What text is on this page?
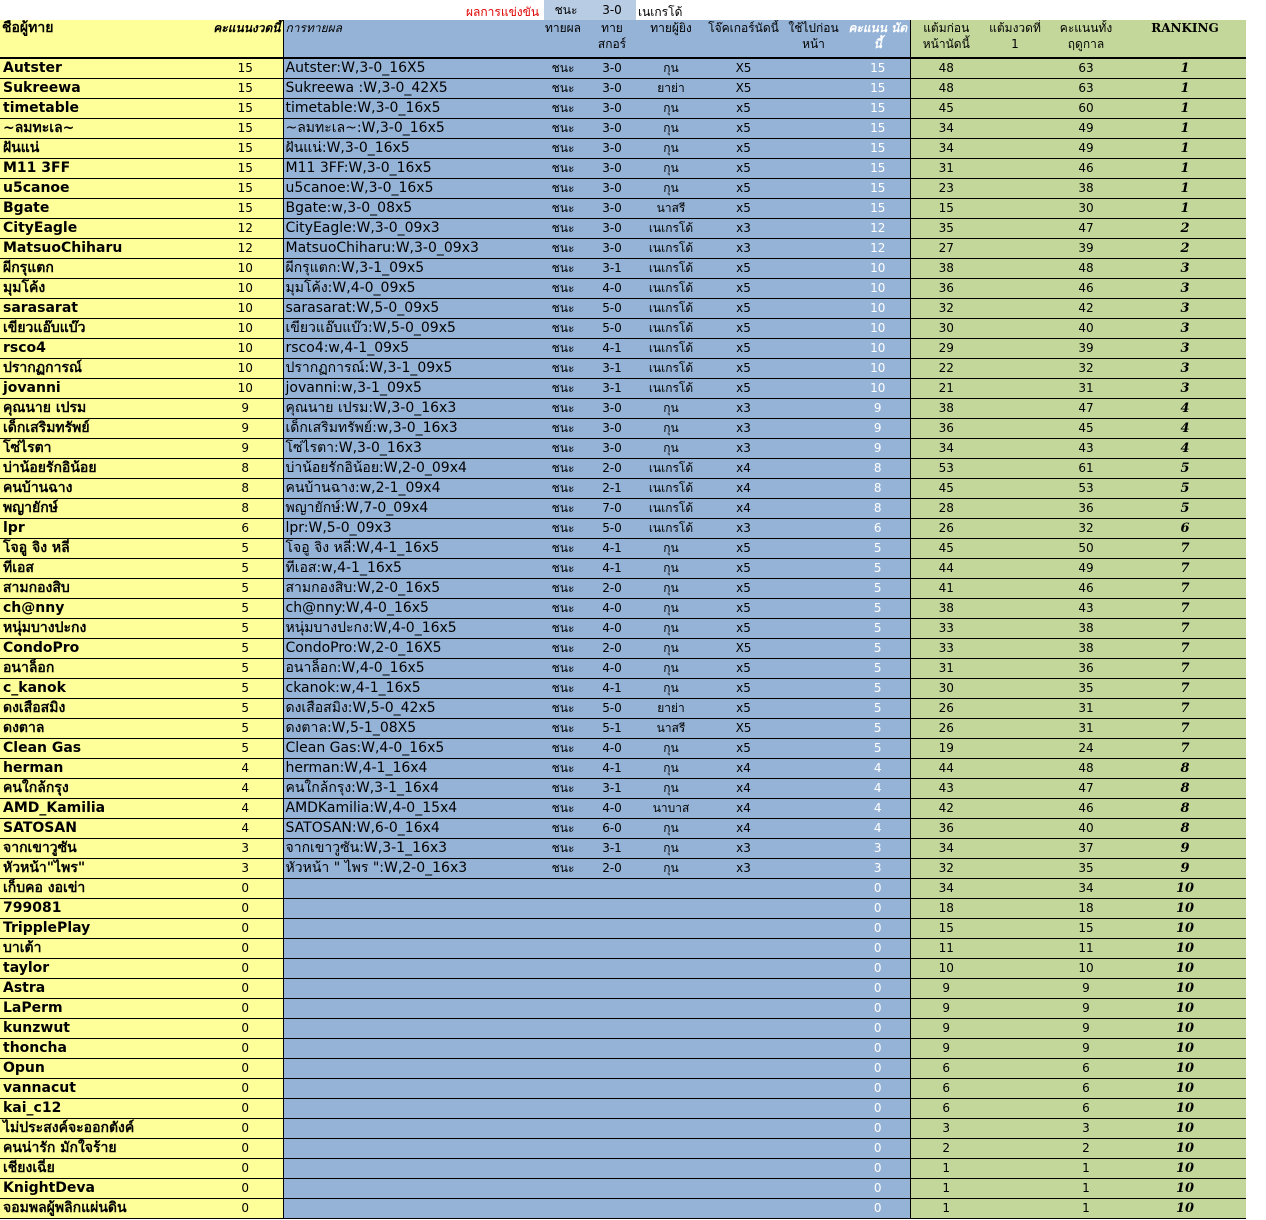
ผลการแข่งขัน	ชนะ	3-0	เนเกรโด้
ชื่อผู้ทาย	คะแนนงวดนี้	การทายผล	ทายผล	ทาย สกอร์	ทายผู้ยิง	โจ๊คเกอร์นัดนี้	ใช้ไปก่อนหน้า	คะแนน นัดนี้	แต้มก่อน หน้านัดนี้	แต้มงวดที่ 1	คะแนนทั้ง ฤดูกาล	RANKING
Autster	15	Autster:W,3-0_16X5	ชนะ	3-0	กุน	X5		15	48		63	1
Sukreewa	15	Sukreewa :W,3-0_42X5	ชนะ	3-0	ยาย่า	X5		15	48		63	1
timetable	15	timetable:W,3-0_16x5	ชนะ	3-0	กุน	x5		15	45		60	1
~ลมทะเล~	15	~ลมทะเล~:W,3-0_16x5	ชนะ	3-0	กุน	x5		15	34		49	1
ฝันแน่	15	ฝันแน่:W,3-0_16x5	ชนะ	3-0	กุน	x5		15	34		49	1
M11 3FF	15	M11 3FF:W,3-0_16x5	ชนะ	3-0	กุน	x5		15	31		46	1
u5canoe	15	u5canoe:W,3-0_16x5	ชนะ	3-0	กุน	x5		15	23		38	1
Bgate	15	Bgate:w,3-0_08x5	ชนะ	3-0	นาสรี	x5		15	15		30	1
CityEagle	12	CityEagle:W,3-0_09x3	ชนะ	3-0	เนเกรโด้	x3		12	35		47	2
MatsuoChiharu	12	MatsuoChiharu:W,3-0_09x3	ชนะ	3-0	เนเกรโด้	x3		12	27		39	2
ผีกรุแตก	10	ผีกรุแตก:W,3-1_09x5	ชนะ	3-1	เนเกรโด้	x5		10	38		48	3
มุมโค้ง	10	มุมโค้ง:W,4-0_09x5	ชนะ	4-0	เนเกรโด้	x5		10	36		46	3
sarasarat	10	sarasarat:W,5-0_09x5	ชนะ	5-0	เนเกรโด้	x5		10	32		42	3
เขียวแอ๊บแบ๊ว	10	เขียวแอ๊บแบ๊ว:W,5-0_09x5	ชนะ	5-0	เนเกรโด้	x5		10	30		40	3
rsco4	10	rsco4:w,4-1_09x5	ชนะ	4-1	เนเกรโด้	x5		10	29		39	3
ปรากฏการณ์	10	ปรากฏการณ์:W,3-1_09x5	ชนะ	3-1	เนเกรโด้	x5		10	22		32	3
jovanni	10	jovanni:w,3-1_09x5	ชนะ	3-1	เนเกรโด้	x5		10	21		31	3
คุณนาย เปรม	9	คุณนาย เปรม:W,3-0_16x3	ชนะ	3-0	กุน	x3		9	38		47	4
เด็กเสริมทรัพย์	9	เด็กเสริมทรัพย์:w,3-0_16x3	ชนะ	3-0	กุน	x3		9	36		45	4
โซ่ไรตา	9	โซ่ไรตา:W,3-0_16x3	ชนะ	3-0	กุน	x3		9	34		43	4
บ่าน้อยรักอิน้อย	8	บ่าน้อยรักอิน้อย:W,2-0_09x4	ชนะ	2-0	เนเกรโด้	x4		8	53		61	5
คนบ้านฉาง	8	คนบ้านฉาง:w,2-1_09x4	ชนะ	2-1	เนเกรโด้	x4		8	45		53	5
พญายักษ์	8	พญายักษ์:W,7-0_09x4	ชนะ	7-0	เนเกรโด้	x4		8	28		36	5
lpr	6	lpr:W,5-0_09x3	ชนะ	5-0	เนเกรโด้	x3		6	26		32	6
โจอู จิง หลี่	5	โจอู จิง หลี่:W,4-1_16x5	ชนะ	4-1	กุน	x5		5	45		50	7
ทีเอส	5	ทีเอส:w,4-1_16x5	ชนะ	4-1	กุน	x5		5	44		49	7
สามกองสิบ	5	สามกองสิบ:W,2-0_16x5	ชนะ	2-0	กุน	x5		5	41		46	7
ch@nny	5	ch@nny:W,4-0_16x5	ชนะ	4-0	กุน	x5		5	38		43	7
หนุ่มบางปะกง	5	หนุ่มบางปะกง:W,4-0_16x5	ชนะ	4-0	กุน	x5		5	33		38	7
CondoPro	5	CondoPro:W,2-0_16X5	ชนะ	2-0	กุน	X5		5	33		38	7
อนาล็อก	5	อนาล็อก:W,4-0_16x5	ชนะ	4-0	กุน	x5		5	31		36	7
c_kanok	5	ckanok:w,4-1_16x5	ชนะ	4-1	กุน	x5		5	30		35	7
ดงเสือสมิง	5	ดงเสือสมิง:W,5-0_42x5	ชนะ	5-0	ยาย่า	x5		5	26		31	7
ดงตาล	5	ดงตาล:W,5-1_08X5	ชนะ	5-1	นาสรี	X5		5	26		31	7
Clean Gas	5	Clean Gas:W,4-0_16x5	ชนะ	4-0	กุน	x5		5	19		24	7
herman	4	herman:W,4-1_16x4	ชนะ	4-1	กุน	x4		4	44		48	8
คนใกล้กรุง	4	คนใกล้กรุง:W,3-1_16x4	ชนะ	3-1	กุน	x4		4	43		47	8
AMD_Kamilia	4	AMDKamilia:W,4-0_15x4	ชนะ	4-0	นาบาส	x4		4	42		46	8
SATOSAN	4	SATOSAN:W,6-0_16x4	ชนะ	6-0	กุน	x4		4	36		40	8
จากเขาวูซัน	3	จากเขาวูซัน:W,3-1_16x3	ชนะ	3-1	กุน	x3		3	34		37	9
หัวหน้า"ไพร"	3	หัวหน้า " ไพร ":W,2-0_16x3	ชนะ	2-0	กุน	x3		3	32		35	9
เก็บคอ งอเข่า	0							0	34		34	10
799081	0							0	18		18	10
TripplePlay	0							0	15		15	10
บาเต้า	0							0	11		11	10
taylor	0							0	10		10	10
Astra	0							0	9		9	10
LaPerm	0							0	9		9	10
kunzwut	0							0	9		9	10
thoncha	0							0	9		9	10
Opun	0							0	6		6	10
vannacut	0							0	6		6	10
kai_c12	0							0	6		6	10
ไม่ประสงค์จะออกตังค์	0							0	3		3	10
คนน่ารัก มักใจร้าย	0							0	2		2	10
เชียงเฉี่ย	0							0	1		1	10
KnightDeva	0							0	1		1	10
จอมพลผู้พลิกแผ่นดิน	0							0	1		1	10
